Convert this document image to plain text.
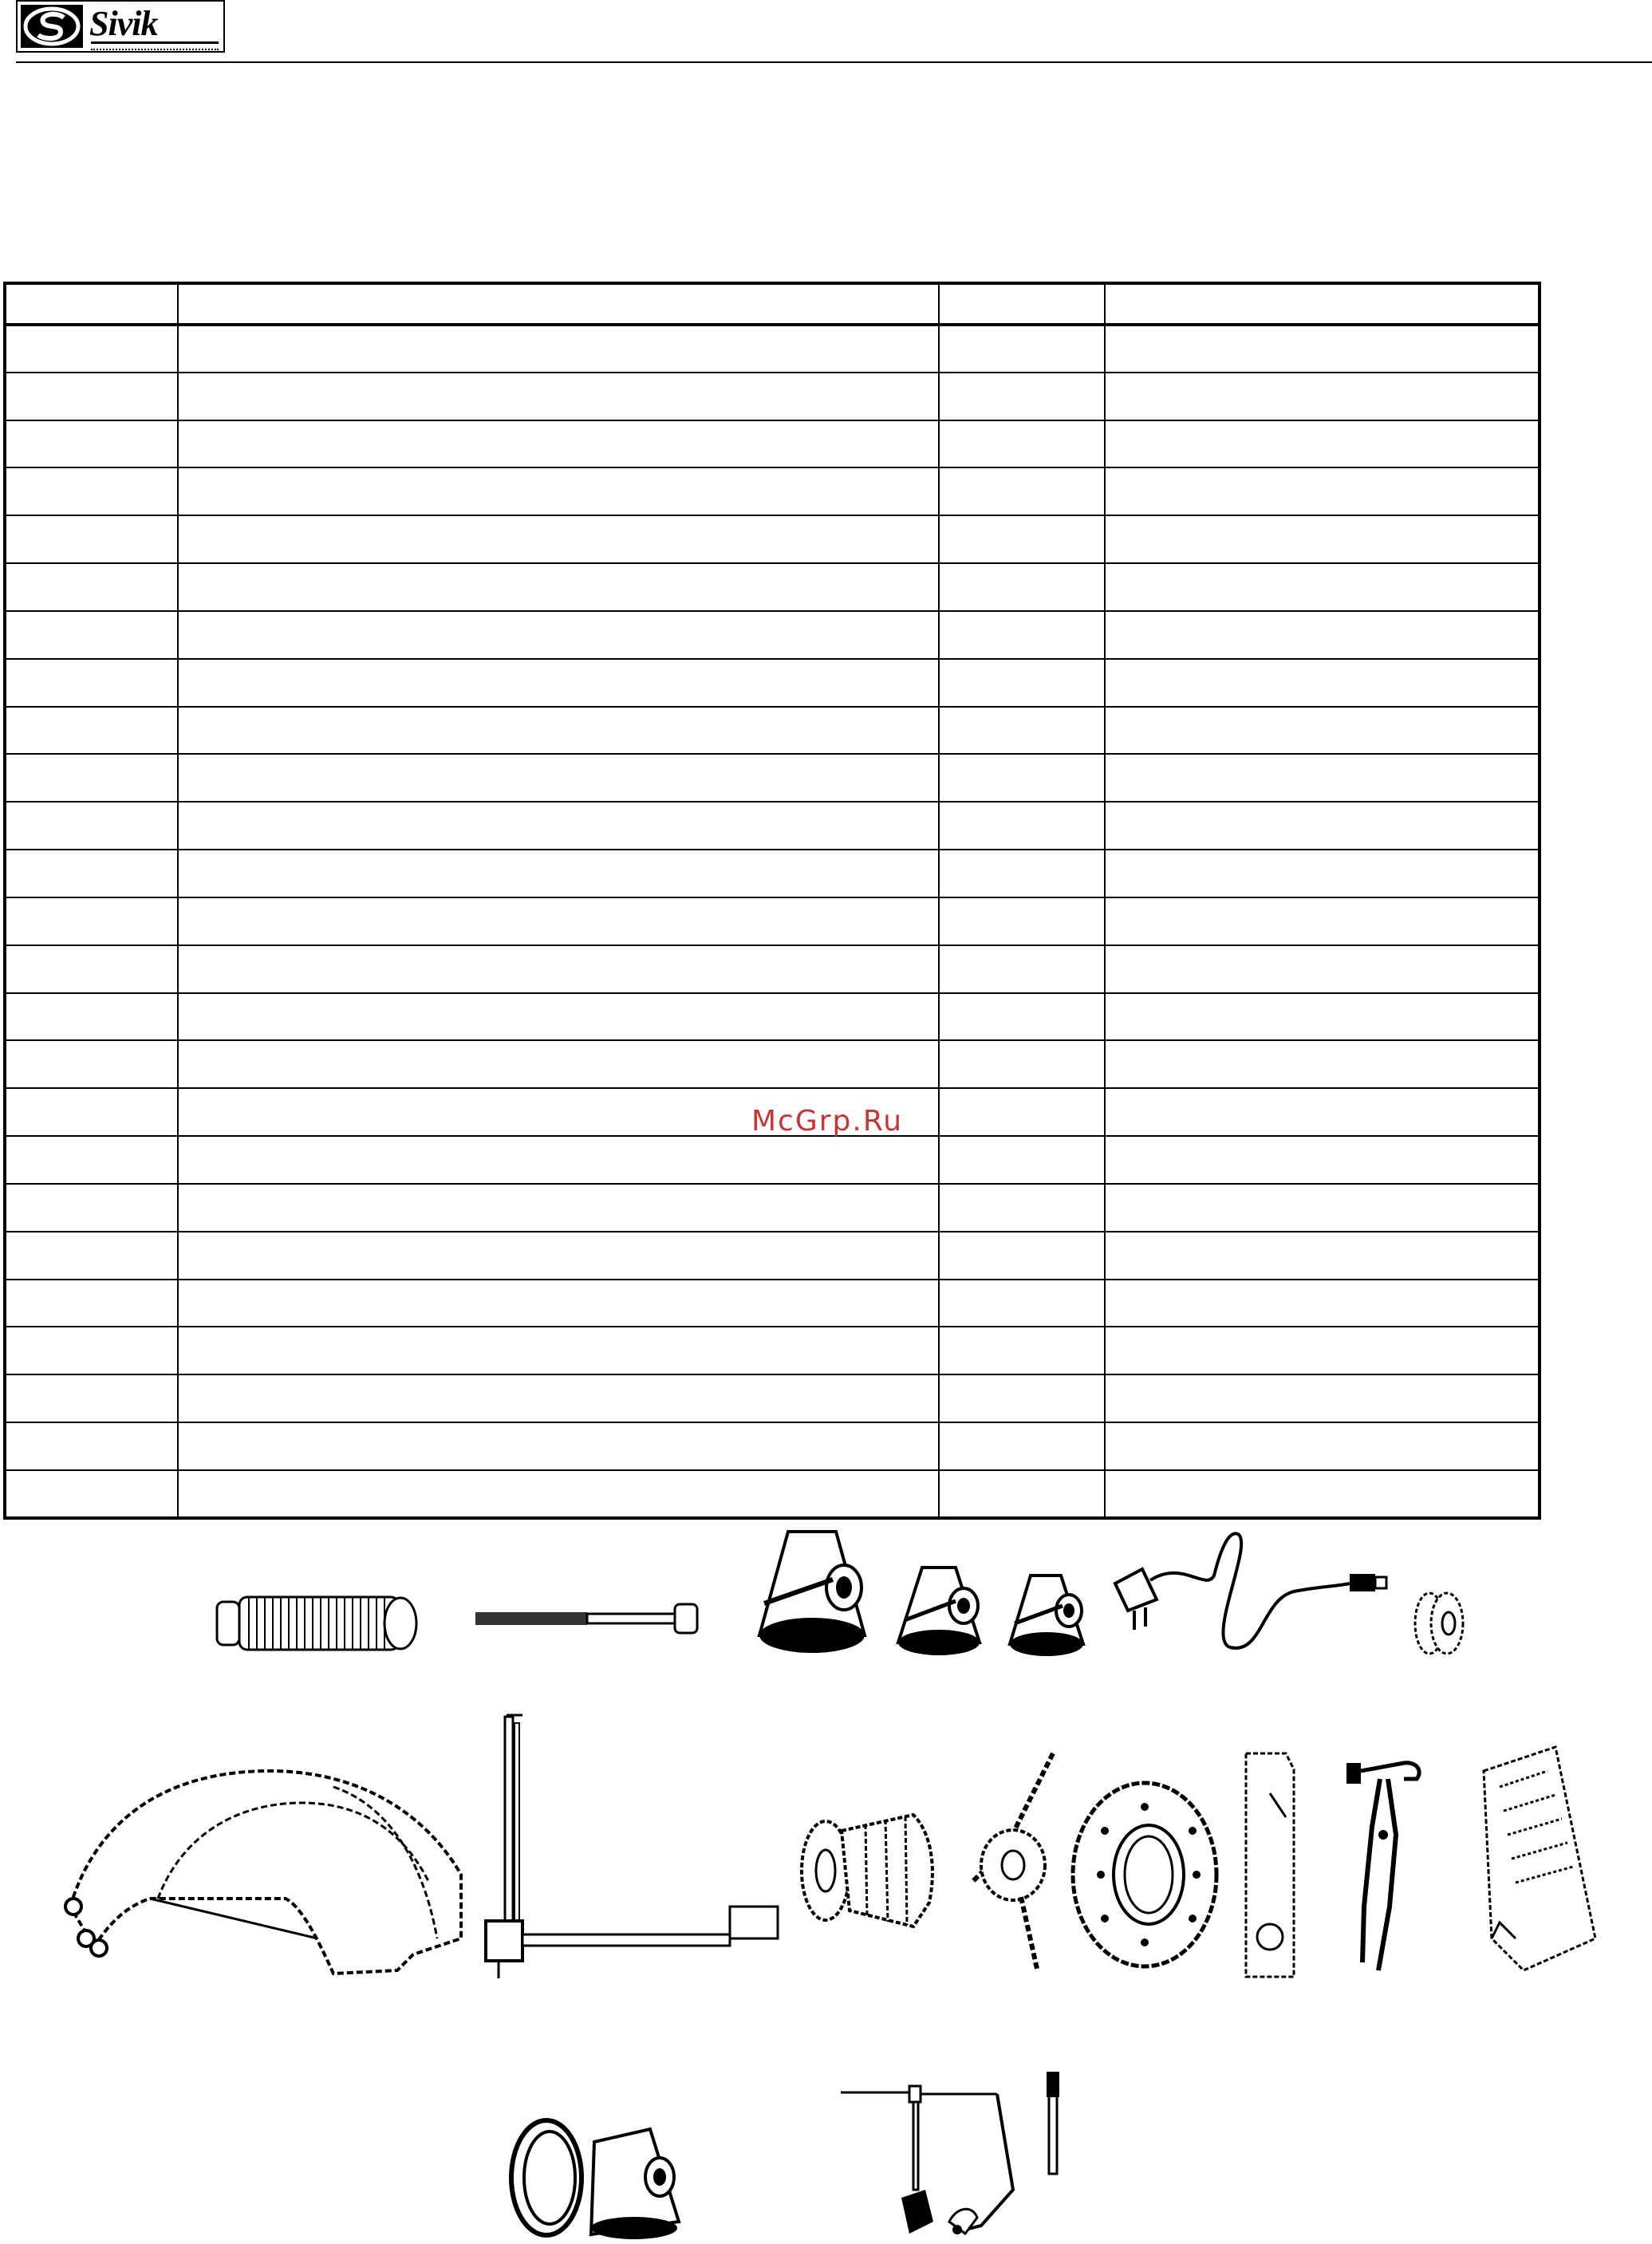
Sivik

McGrp.Ru
